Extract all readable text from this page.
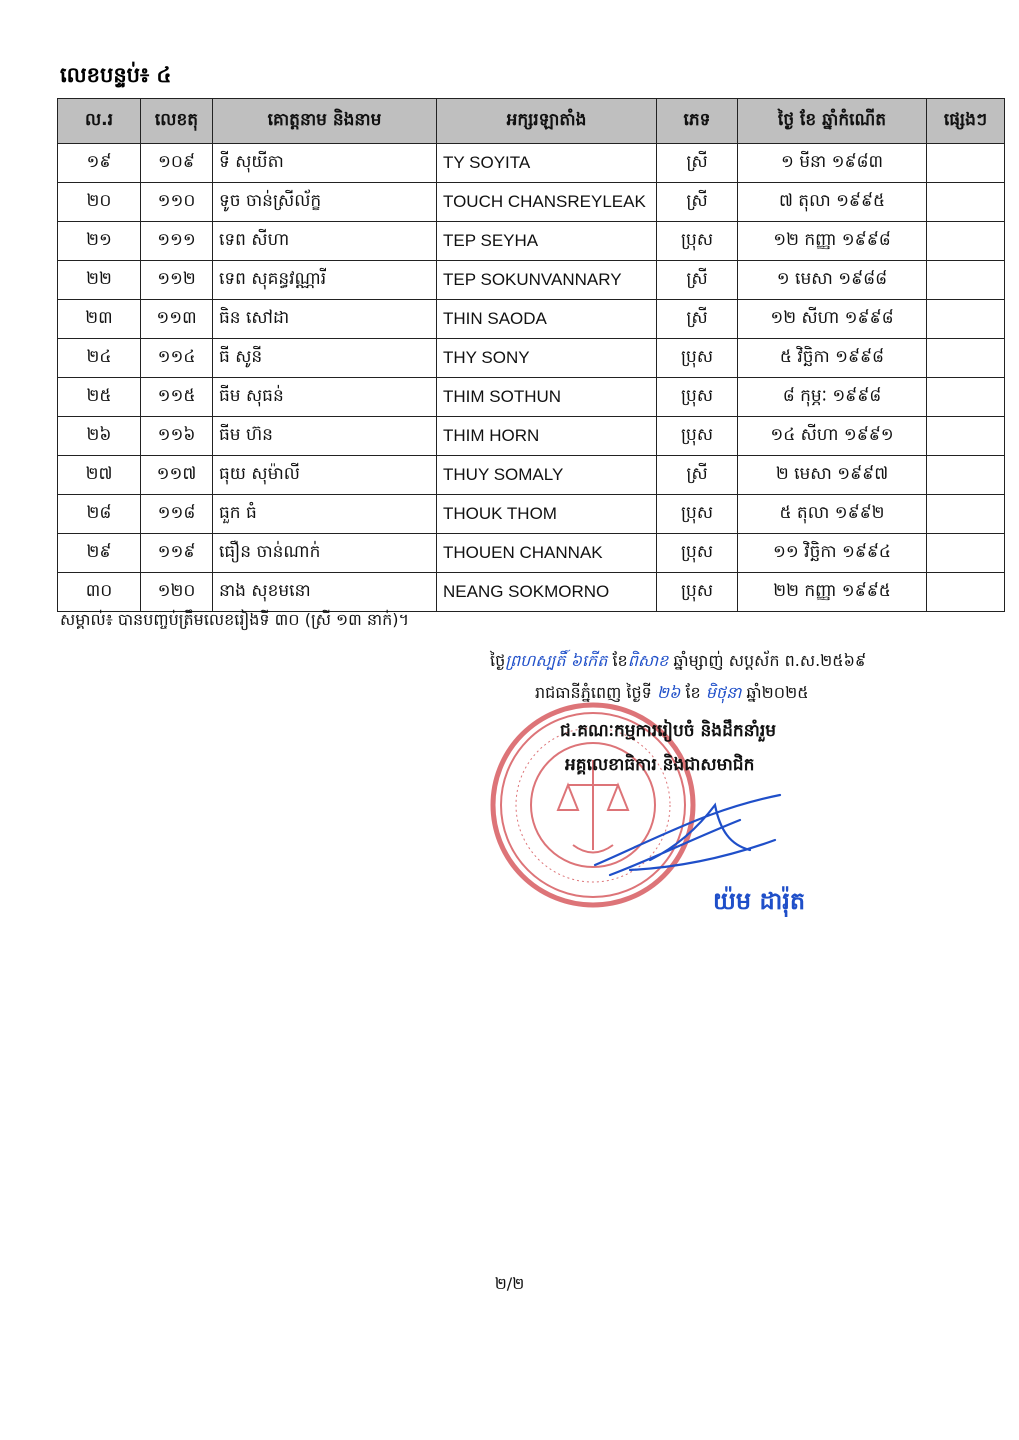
លេខបន្ទប់៖ ៤
ល.រ	លេខតុ	គោត្តនាម និងនាម	អក្សរឡាតាំង	ភេទ	ថ្ងៃ ខែ ឆ្នាំកំណើត	ផ្សេងៗ
១៩	១០៩	ទី សុយីតា	TY SOYITA	ស្រី	១ មីនា ១៩៨៣	
២០	១១០	ទូច ចាន់ស្រីល័ក្ខ	TOUCH CHANSREYLEAK	ស្រី	៧ តុលា ១៩៩៥	
២១	១១១	ទេព សីហា	TEP SEYHA	ប្រុស	១២ កញ្ញា ១៩៩៨	
២២	១១២	ទេព សុគន្ធវណ្ណារី	TEP SOKUNVANNARY	ស្រី	១ មេសា ១៩៨៨	
២៣	១១៣	ធិន សៅដា	THIN SAODA	ស្រី	១២ សីហា ១៩៩៨	
២៤	១១៤	ធី សូនី	THY SONY	ប្រុស	៥ វិច្ឆិកា ១៩៩៨	
២៥	១១៥	ធីម សុធន់	THIM SOTHUN	ប្រុស	៨ កុម្ភៈ ១៩៩៨	
២៦	១១៦	ធីម ហ៊ន	THIM HORN	ប្រុស	១៤ សីហា ១៩៩១	
២៧	១១៧	ធុយ សុម៉ាលី	THUY SOMALY	ស្រី	២ មេសា ១៩៩៧	
២៨	១១៨	ធួក ធំ	THOUK THOM	ប្រុស	៥ តុលា ១៩៩២	
២៩	១១៩	ធឿន ចាន់ណាក់	THOUEN CHANNAK	ប្រុស	១១ វិច្ឆិកា ១៩៩៤	
៣០	១២០	នាង សុខមនោ	NEANG SOKMORNO	ប្រុស	២២ កញ្ញា ១៩៩៥	
សម្គាល់៖ បានបញ្ចប់ត្រឹមលេខរៀងទី ៣០ (ស្រី ១៣ នាក់)។
ថ្ងៃព្រហស្បតិ៍ ៦កើត ខែពិសាខ ឆ្នាំម្សាញ់ សប្តស័ក ព.ស.២៥៦៩
រាជធានីភ្នំពេញ ថ្ងៃទី ២៦ ខែ មិថុនា ឆ្នាំ២០២៥
ជ.គណៈកម្មការរៀបចំ និងដឹកនាំរួម
អគ្គលេខាធិការ និងជាសមាជិក
យ៉ម ដារ៉ុត
២/២
